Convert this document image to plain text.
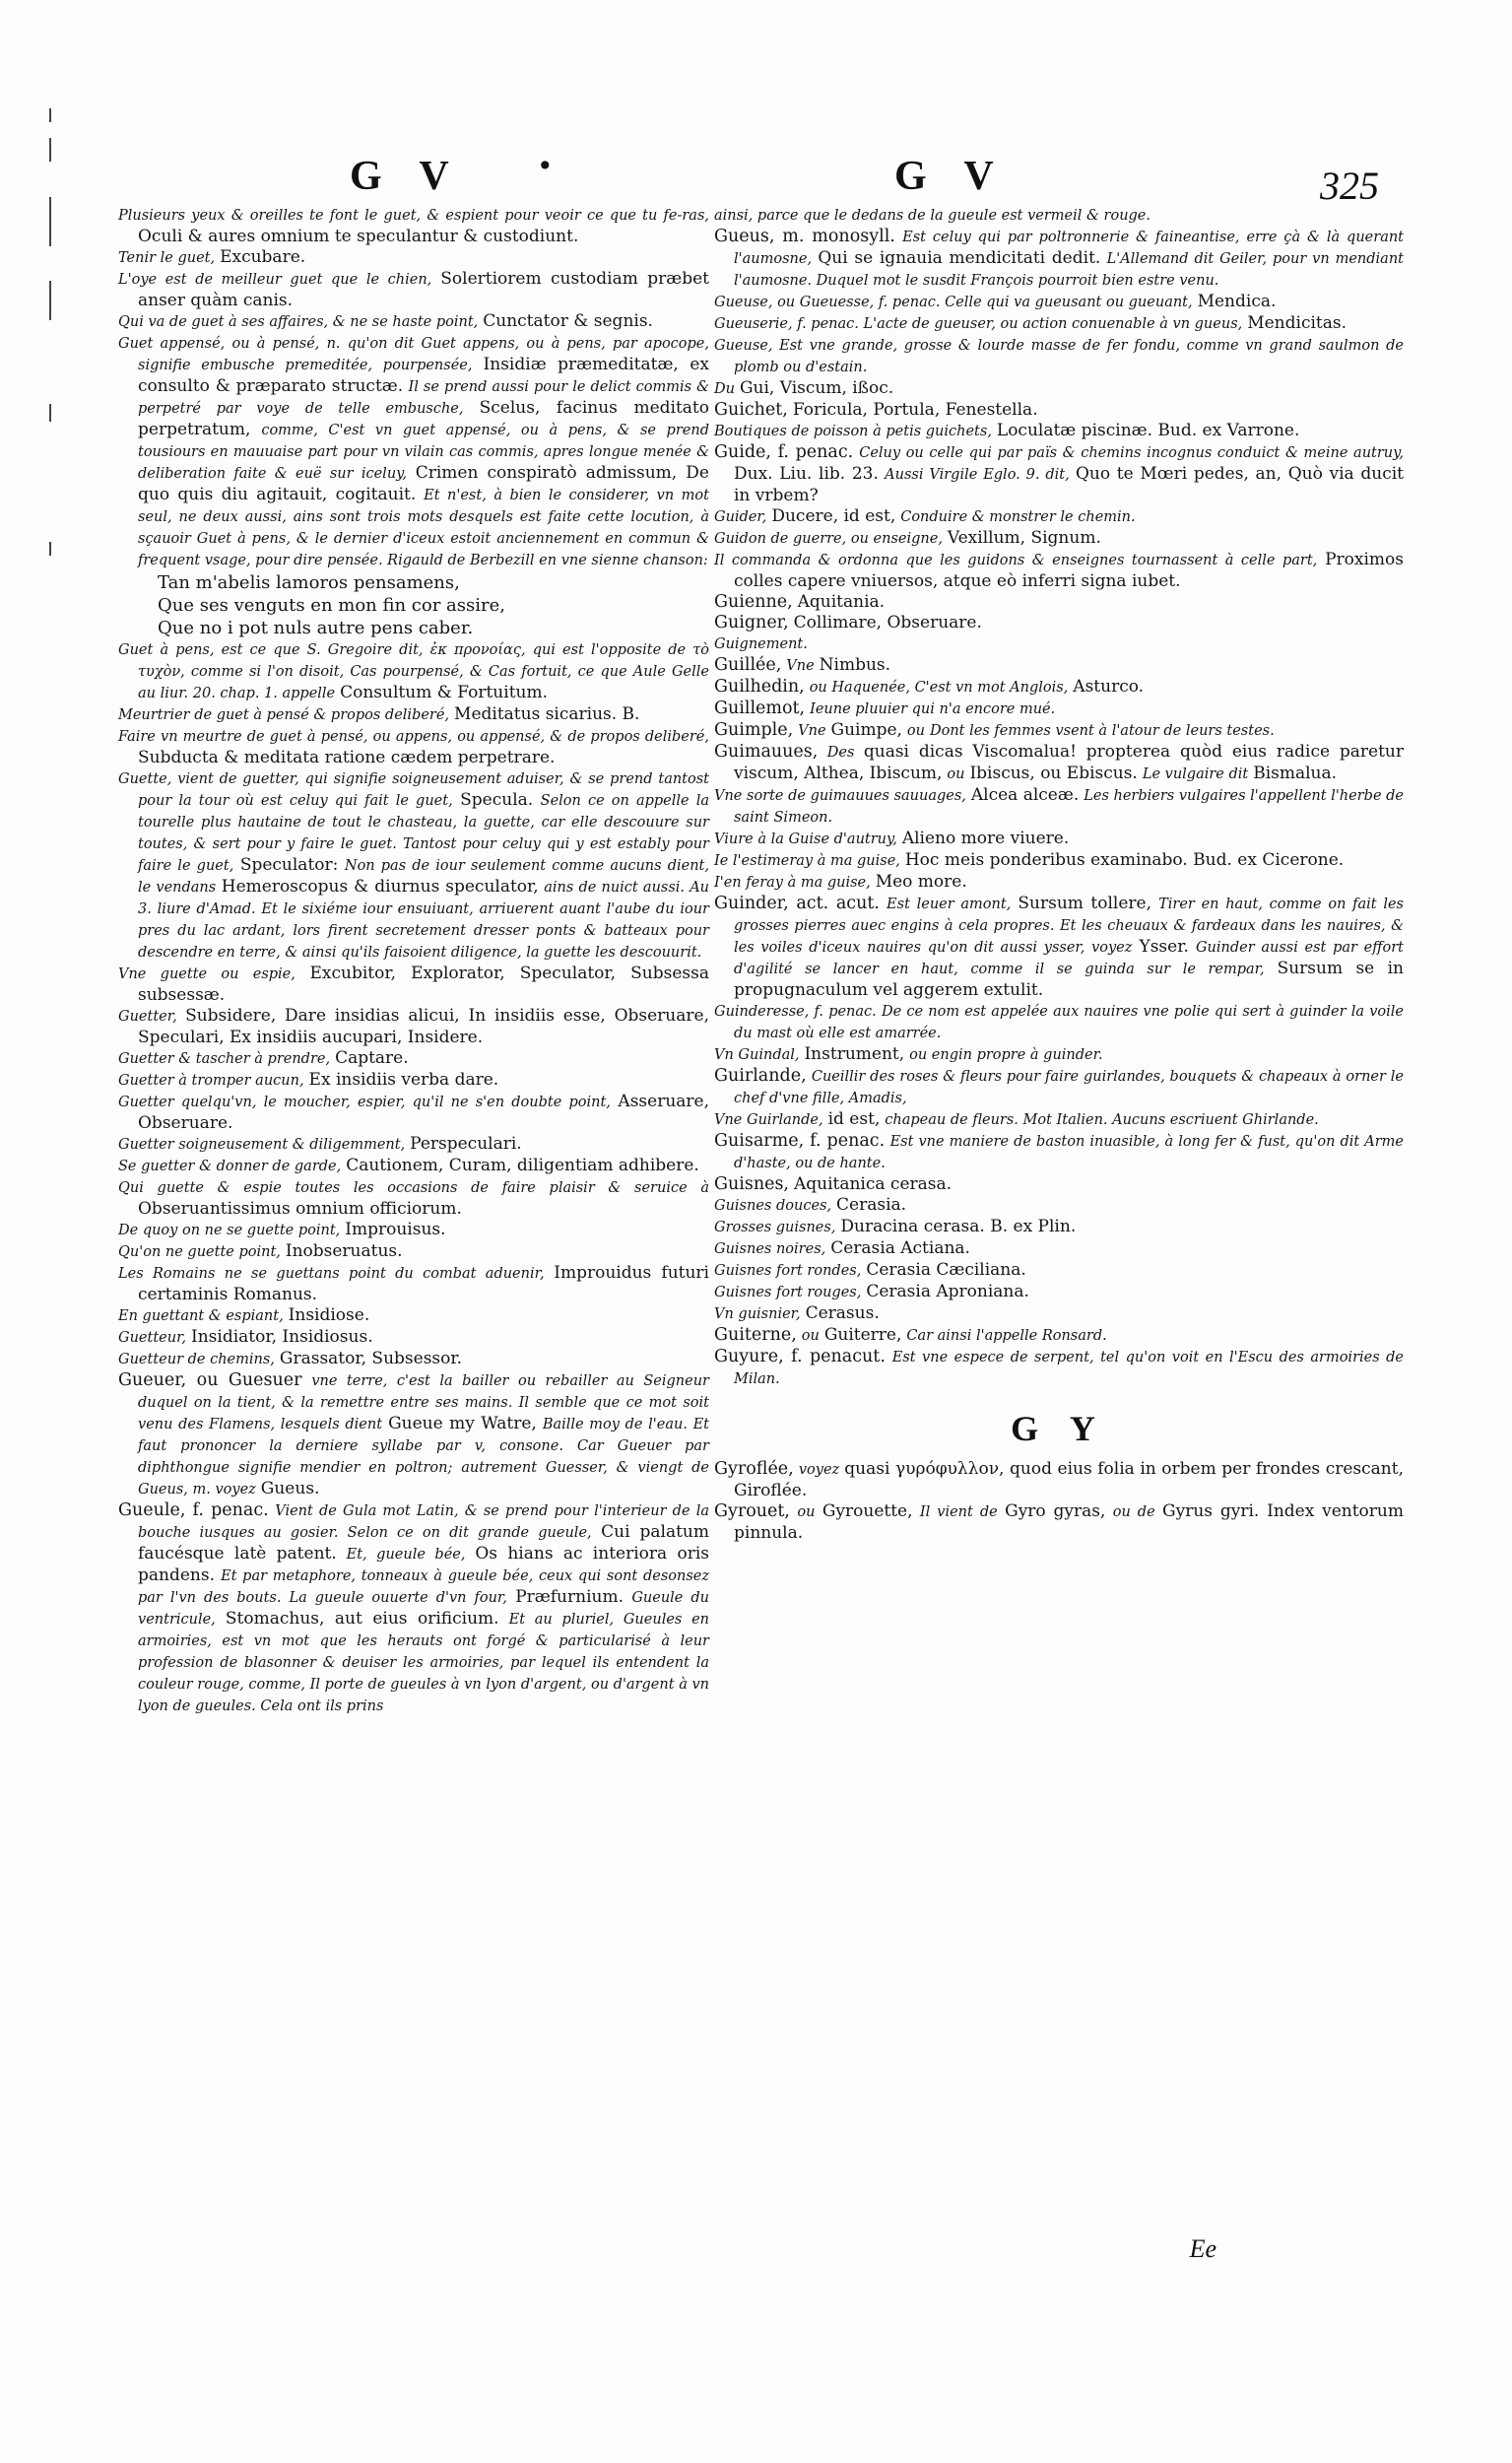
G V	•	G V	325

Plusieurs yeux & oreilles te font le guet, & espient pour veoir ce que tu fe-ras, Oculi & aures omnium te speculantur & custodiunt.

Tenir le guet, Excubare.

L'oye est de meilleur guet que le chien, Solertiorem custodiam præbet anser quàm canis.

Qui va de guet à ses affaires, & ne se haste point, Cunctator & segnis.

Guet appensé, ou à pensé, n. qu'on dit Guet appens, ou à pens, par apocope, signifie embusche premeditée, pourpensée, Insidiæ præmeditatæ, ex consulto & præparato structæ. Il se prend aussi pour le delict commis & perpetré par voye de telle embusche, Scelus, facinus meditato perpetratum, comme, C'est vn guet appensé, ou à pens, & se prend tousiours en mauuaise part pour vn vilain cas commis, apres longue menée & deliberation faite & euë sur iceluy, Crimen conspiratò admissum, De quo quis diu agitauit, cogitauit. Et n'est, à bien le considerer, vn mot seul, ne deux aussi, ains sont trois mots desquels est faite cette locution, à sçauoir Guet à pens, & le dernier d'iceux estoit anciennement en commun & frequent vsage, pour dire pensée. Rigauld de Berbezill en vne sienne chanson:

Tan m'abelis lamoros pensamens,

Que ses venguts en mon fin cor assire,

Que no i pot nuls autre pens caber.

Guet à pens, est ce que S. Gregoire dit, ἐκ προνοίας, qui est l'opposite de τὸ τυχὸν, comme si l'on disoit, Cas pourpensé, & Cas fortuit, ce que Aule Gelle au liur. 20. chap. 1. appelle Consultum & Fortuitum.

Meurtrier de guet à pensé & propos deliberé, Meditatus sicarius. B.

Faire vn meurtre de guet à pensé, ou appens, ou appensé, & de propos deliberé, Subducta & meditata ratione cædem perpetrare.

Guette, vient de guetter, qui signifie soigneusement aduiser, & se prend tantost pour la tour où est celuy qui fait le guet, Specula. Selon ce on appelle la tourelle plus hautaine de tout le chasteau, la guette, car elle descouure sur toutes, & sert pour y faire le guet. Tantost pour celuy qui y est estably pour faire le guet, Speculator: Non pas de iour seulement comme aucuns dient, le vendans Hemeroscopus & diurnus speculator, ains de nuict aussi. Au 3. liure d'Amad. Et le sixiéme iour ensuiuant, arriuerent auant l'aube du iour pres du lac ardant, lors firent secretement dresser ponts & batteaux pour descendre en terre, & ainsi qu'ils faisoient diligence, la guette les descouurit.

Vne guette ou espie, Excubitor, Explorator, Speculator, Subsessa subsessæ.

Guetter, Subsidere, Dare insidias alicui, In insidiis esse, Obseruare, Speculari, Ex insidiis aucupari, Insidere.

Guetter & tascher à prendre, Captare.

Guetter à tromper aucun, Ex insidiis verba dare.

Guetter quelqu'vn, le moucher, espier, qu'il ne s'en doubte point, Asseruare, Obseruare.

Guetter soigneusement & diligemment, Perspeculari.

Se guetter & donner de garde, Cautionem, Curam, diligentiam adhibere.

Qui guette & espie toutes les occasions de faire plaisir & seruice à Obseruantissimus omnium officiorum.

De quoy on ne se guette point, Improuisus.

Qu'on ne guette point, Inobseruatus.

Les Romains ne se guettans point du combat aduenir, Improuidus futuri certaminis Romanus.

En guettant & espiant, Insidiose.

Guetteur, Insidiator, Insidiosus.

Guetteur de chemins, Grassator, Subsessor.

Gueuer, ou Guesuer vne terre, c'est la bailler ou rebailler au Seigneur duquel on la tient, & la remettre entre ses mains. Il semble que ce mot soit venu des Flamens, lesquels dient Gueue my Watre, Baille moy de l'eau. Et faut prononcer la derniere syllabe par v, consone. Car Gueuer par diphthongue signifie mendier en poltron; autrement Guesser, & viengt de Gueus, m. voyez Gueus.

Gueule, f. penac. Vient de Gula mot Latin, & se prend pour l'interieur de la bouche iusques au gosier. Selon ce on dit grande gueule, Cui palatum faucésque latè patent. Et, gueule bée, Os hians ac interiora oris pandens. Et par metaphore, tonneaux à gueule bée, ceux qui sont desonsez par l'vn des bouts. La gueule ouuerte d'vn four, Præfurnium. Gueule du ventricule, Stomachus, aut eius orificium. Et au pluriel, Gueules en armoiries, est vn mot que les herauts ont forgé & particularisé à leur profession de blasonner & deuiser les armoiries, par lequel ils entendent la couleur rouge, comme, Il porte de gueules à vn lyon d'argent, ou d'argent à vn lyon de gueules. Cela ont ils prins

ainsi, parce que le dedans de la gueule est vermeil & rouge.

Gueus, m. monosyll. Est celuy qui par poltronnerie & faineantise, erre çà & là querant l'aumosne, Qui se ignauia mendicitati dedit. L'Allemand dit Geiler, pour vn mendiant l'aumosne. Duquel mot le susdit François pourroit bien estre venu.

Gueuse, ou Gueuesse, f. penac. Celle qui va gueusant ou gueuant, Mendica.

Gueuserie, f. penac. L'acte de gueuser, ou action conuenable à vn gueus, Mendicitas.

Gueuse, Est vne grande, grosse & lourde masse de fer fondu, comme vn grand saulmon de plomb ou d'estain.

Du Gui, Viscum, ißoc.

Guichet, Foricula, Portula, Fenestella.

Boutiques de poisson à petis guichets, Loculatæ piscinæ. Bud. ex Varrone.

Guide, f. penac. Celuy ou celle qui par païs & chemins incognus conduict & meine autruy, Dux. Liu. lib. 23. Aussi Virgile Eglo. 9. dit, Quo te Mœri pedes, an, Quò via ducit in vrbem?

Guider, Ducere, id est, Conduire & monstrer le chemin.

Guidon de guerre, ou enseigne, Vexillum, Signum.

Il commanda & ordonna que les guidons & enseignes tournassent à celle part, Proximos colles capere vniuersos, atque eò inferri signa iubet.

Guienne, Aquitania.

Guigner, Collimare, Obseruare.

Guignement.

Guillée, Vne Nimbus.

Guilhedin, ou Haquenée, C'est vn mot Anglois, Asturco.

Guillemot, Ieune pluuier qui n'a encore mué.

Guimple, Vne Guimpe, ou Dont les femmes vsent à l'atour de leurs testes.

Guimauues, Des quasi dicas Viscomalua! propterea quòd eius radice paretur viscum, Althea, Ibiscum, ou Ibiscus, ou Ebiscus. Le vulgaire dit Bismalua.

Vne sorte de guimauues sauuages, Alcea alceæ. Les herbiers vulgaires l'appellent l'herbe de saint Simeon.

Viure à la Guise d'autruy, Alieno more viuere.

Ie l'estimeray à ma guise, Hoc meis ponderibus examinabo. Bud. ex Cicerone.

I'en feray à ma guise, Meo more.

Guinder, act. acut. Est leuer amont, Sursum tollere, Tirer en haut, comme on fait les grosses pierres auec engins à cela propres. Et les cheuaux & fardeaux dans les nauires, & les voiles d'iceux nauires qu'on dit aussi ysser, voyez Ysser. Guinder aussi est par effort d'agilité se lancer en haut, comme il se guinda sur le rempar, Sursum se in propugnaculum vel aggerem extulit.

Guinderesse, f. penac. De ce nom est appelée aux nauires vne polie qui sert à guinder la voile du mast où elle est amarrée.

Vn Guindal, Instrument, ou engin propre à guinder.

Guirlande, Cueillir des roses & fleurs pour faire guirlandes, bouquets & chapeaux à orner le chef d'vne fille, Amadis,

Vne Guirlande, id est, chapeau de fleurs. Mot Italien. Aucuns escriuent Ghirlande.

Guisarme, f. penac. Est vne maniere de baston inuasible, à long fer & fust, qu'on dit Arme d'haste, ou de hante.

Guisnes, Aquitanica cerasa.

Guisnes douces, Cerasia.

Grosses guisnes, Duracina cerasa. B. ex Plin.

Guisnes noires, Cerasia Actiana.

Guisnes fort rondes, Cerasia Cæciliana.

Guisnes fort rouges, Cerasia Aproniana.

Vn guisnier, Cerasus.

Guiterne, ou Guiterre, Car ainsi l'appelle Ronsard.

Guyure, f. penacut. Est vne espece de serpent, tel qu'on voit en l'Escu des armoiries de Milan.

G Y

Gyroflée, voyez quasi γυρόφυλλον, quod eius folia in orbem per frondes crescant, Giroflée.

Gyrouet, ou Gyrouette, Il vient de Gyro gyras, ou de Gyrus gyri. Index ventorum pinnula.

Ee
